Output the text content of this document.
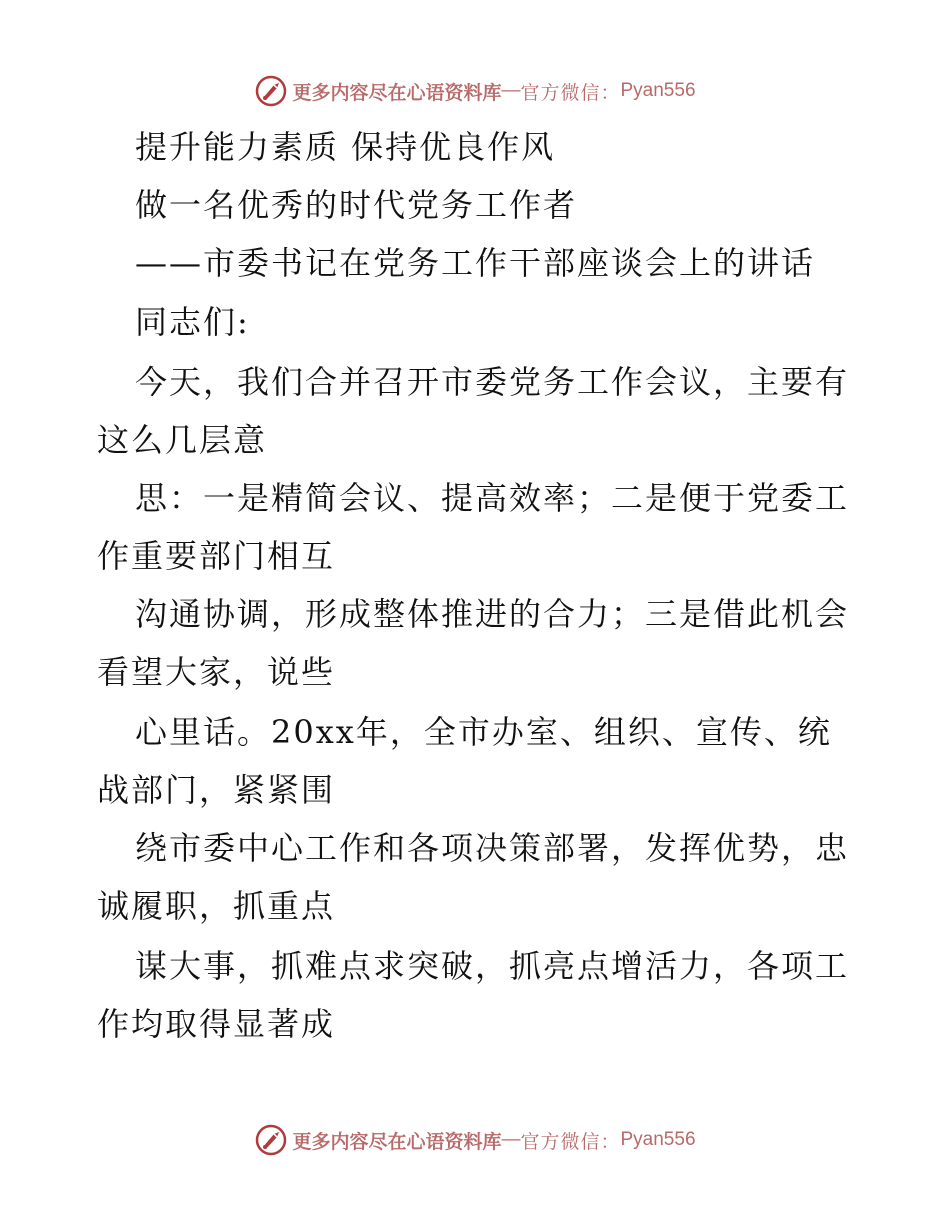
更多内容尽在心语资料库 — 官方微信： Pyan556
提升能力素质 保持优良作风
做一名优秀的时代党务工作者
——市委书记在党务工作干部座谈会上的讲话
同志们:
今天，我们合并召开市委党务工作会议，主要有
这么几层意
思：一是精简会议、提高效率；二是便于党委工
作重要部门相互
沟通协调，形成整体推进的合力；三是借此机会
看望大家，说些
心里话。20xx年，全市办室、组织、宣传、统
战部门，紧紧围
绕市委中心工作和各项决策部署，发挥优势，忠
诚履职，抓重点
谋大事，抓难点求突破，抓亮点增活力，各项工
作均取得显著成
更多内容尽在心语资料库 — 官方微信： Pyan556
